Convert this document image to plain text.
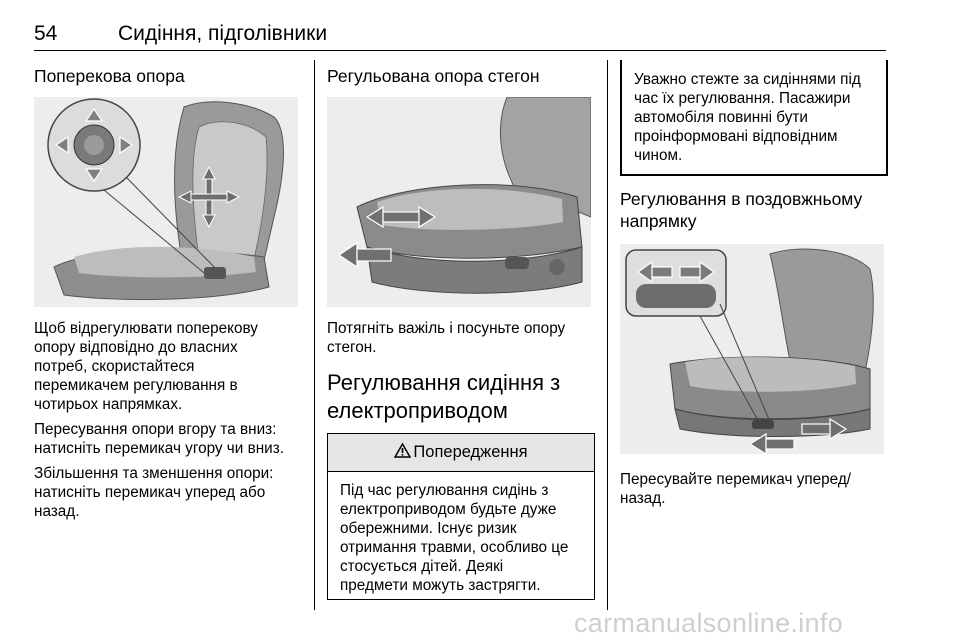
54	Сидіння, підголівники
Поперекова опора

Щоб відрегулювати поперекову
опору відповідно до власних
потреб, скористайтеся
перемикачем регулювання в
чотирьох напрямках.

Пересування опори вгору та вниз:
натисніть перемикач угору чи вниз.

Збільшення та зменшення опори:
натисніть перемикач уперед або
назад.

Регульована опора стегон

Потягніть важіль і посуньте опору
стегон.

Регулювання сидіння з
електроприводом
Попередження

Під час регулювання сидінь з
електроприводом будьте дуже
обережними. Існує ризик
отримання травми, особливо це
стосується дітей. Деякі
предмети можуть застрягти.

Уважно стежте за сидіннями під
час їх регулювання. Пасажири
автомобіля повинні бути
проінформовані відповідним
чином.

Регулювання в поздовжньому
напрямку

Пересувайте перемикач уперед/
назад.

carmanualsonline.info
